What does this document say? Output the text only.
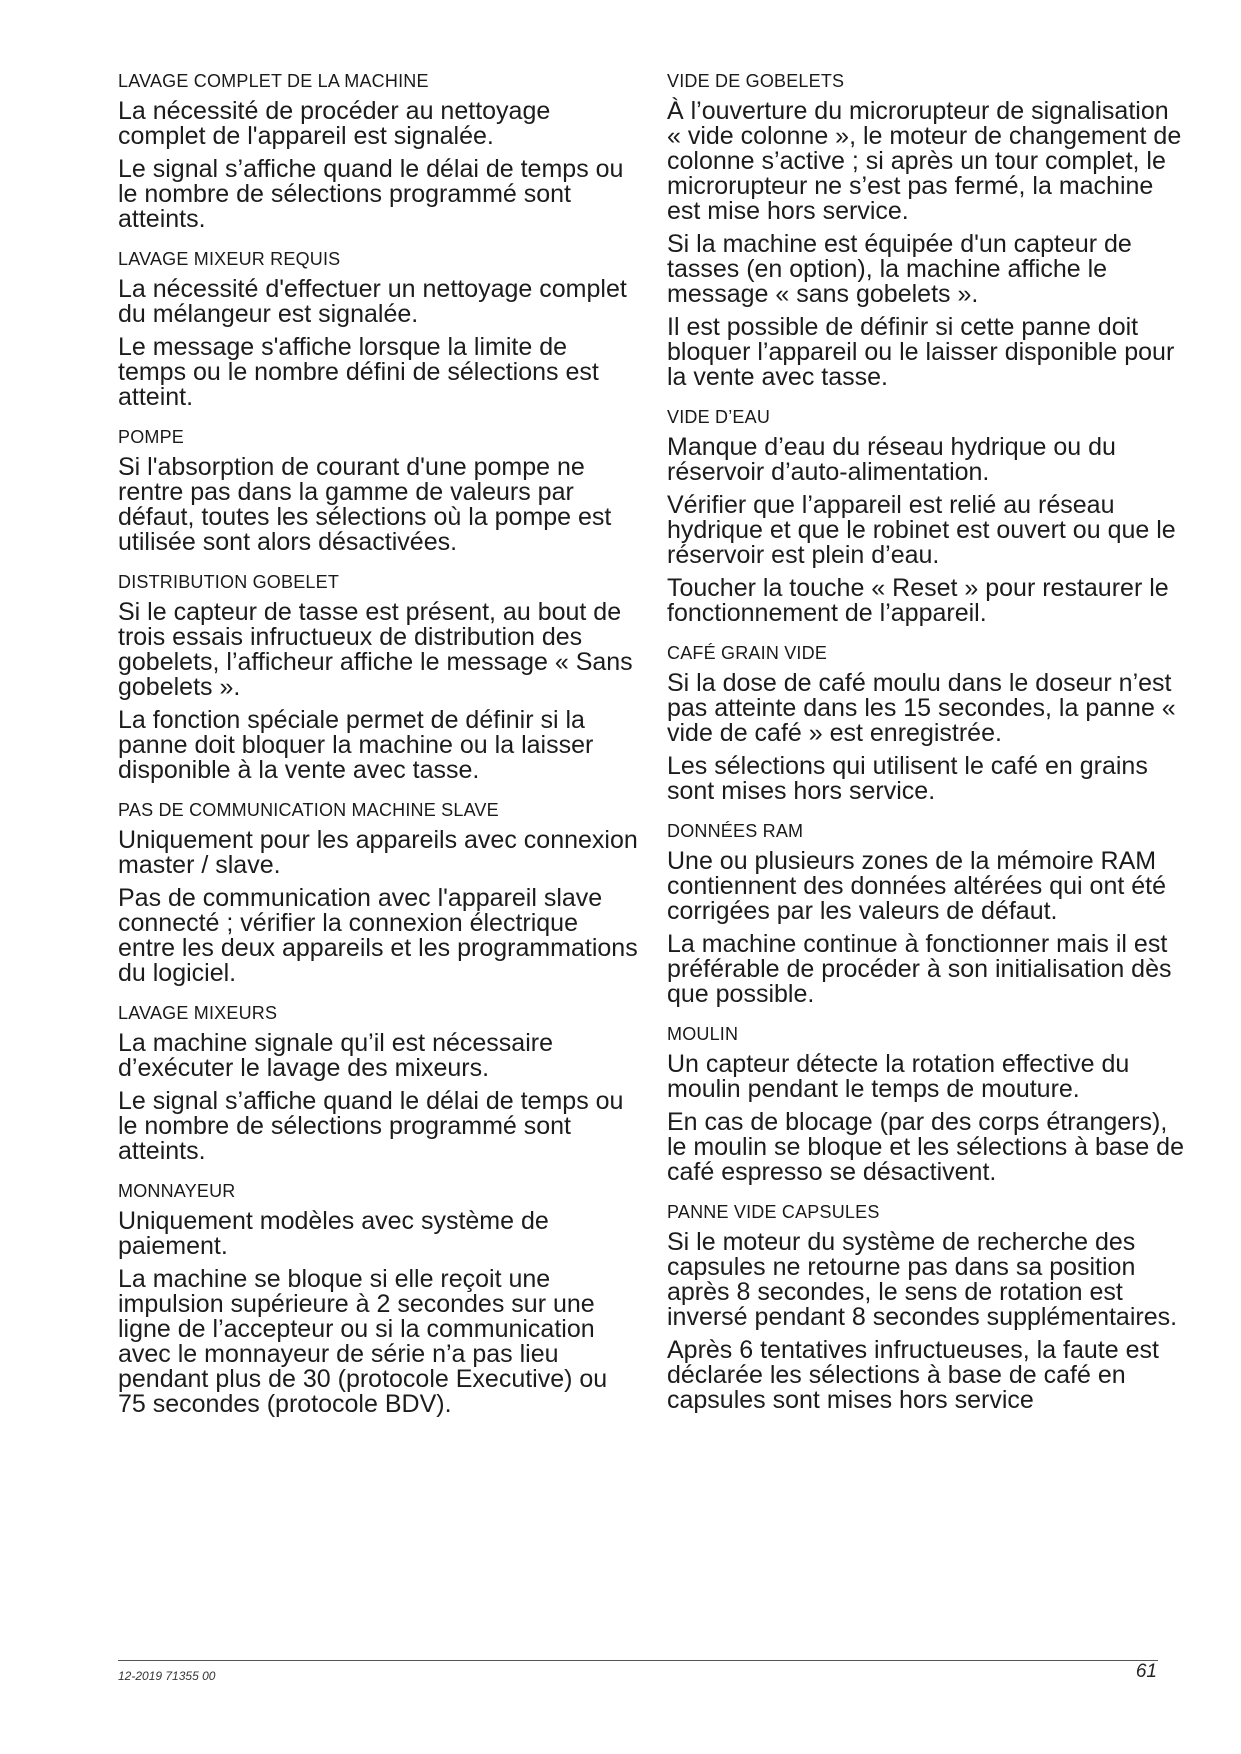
LAVAGE COMPLET DE LA MACHINE
La nécessité de procéder au nettoyage complet de l'appareil est signalée.
Le signal s’affiche quand le délai de temps ou le nombre de sélections programmé sont atteints.
LAVAGE MIXEUR REQUIS
La nécessité d'effectuer un nettoyage complet du mélangeur est signalée.
Le message s'affiche lorsque la limite de temps ou le nombre défini de sélections est atteint.
POMPE
Si l'absorption de courant d'une pompe ne rentre pas dans la gamme de valeurs par défaut, toutes les sélections où la pompe est utilisée sont alors désactivées.
DISTRIBUTION GOBELET
Si le capteur de tasse est présent, au bout de trois essais infructueux de distribution des gobelets, l’afficheur affiche le message « Sans gobelets ».
La fonction spéciale permet de définir si la panne doit bloquer la machine ou la laisser disponible à la vente avec tasse.
PAS DE COMMUNICATION MACHINE SLAVE
Uniquement pour les appareils avec connexion master / slave.
Pas de communication avec l'appareil slave connecté ; vérifier la connexion électrique entre les deux appareils et les programmations du logiciel.
LAVAGE MIXEURS
La machine signale qu’il est nécessaire d’exécuter le lavage des mixeurs.
Le signal s’affiche quand le délai de temps ou le nombre de sélections programmé sont atteints.
MONNAYEUR
Uniquement modèles avec système de paiement.
La machine se bloque si elle reçoit une impulsion supérieure à 2 secondes sur une ligne de l’accepteur ou si la communication avec le monnayeur de série n’a pas lieu pendant plus de 30 (protocole Executive) ou 75 secondes (protocole BDV).
VIDE DE GOBELETS
À l’ouverture du microrupteur de signalisation « vide colonne », le moteur de changement de colonne s’active ; si après un tour complet, le microrupteur ne s’est pas fermé, la machine est mise hors service.
Si la machine est équipée d'un capteur de tasses (en option), la machine affiche le message « sans gobelets ».
Il est possible de définir si cette panne doit bloquer l’appareil ou le laisser disponible pour la vente avec tasse.
VIDE D’EAU
Manque d’eau du réseau hydrique ou du réservoir d’auto-alimentation.
Vérifier que l’appareil est relié au réseau hydrique et que le robinet est ouvert ou que le réservoir est plein d’eau.
Toucher la touche « Reset » pour restaurer le fonctionnement de l’appareil.
CAFÉ GRAIN VIDE
Si la dose de café moulu dans le doseur n’est pas atteinte dans les 15 secondes, la panne « vide de café » est enregistrée.
Les sélections qui utilisent le café en grains sont mises hors service.
DONNÉES RAM
Une ou plusieurs zones de la mémoire RAM contiennent des données altérées qui ont été corrigées par les valeurs de défaut.
La machine continue à fonctionner mais il est préférable de procéder à son initialisation dès que possible.
MOULIN
Un capteur détecte la rotation effective du moulin pendant le temps de mouture.
En cas de blocage (par des corps étrangers), le moulin se bloque et les sélections à base de café espresso se désactivent.
PANNE VIDE CAPSULES
Si le moteur du système de recherche des capsules ne retourne pas dans sa position après 8 secondes, le sens de rotation est inversé pendant 8 secondes supplémentaires.
Après 6 tentatives infructueuses, la faute est déclarée les sélections à base de café en capsules sont mises hors service
12-2019 71355 00	61
